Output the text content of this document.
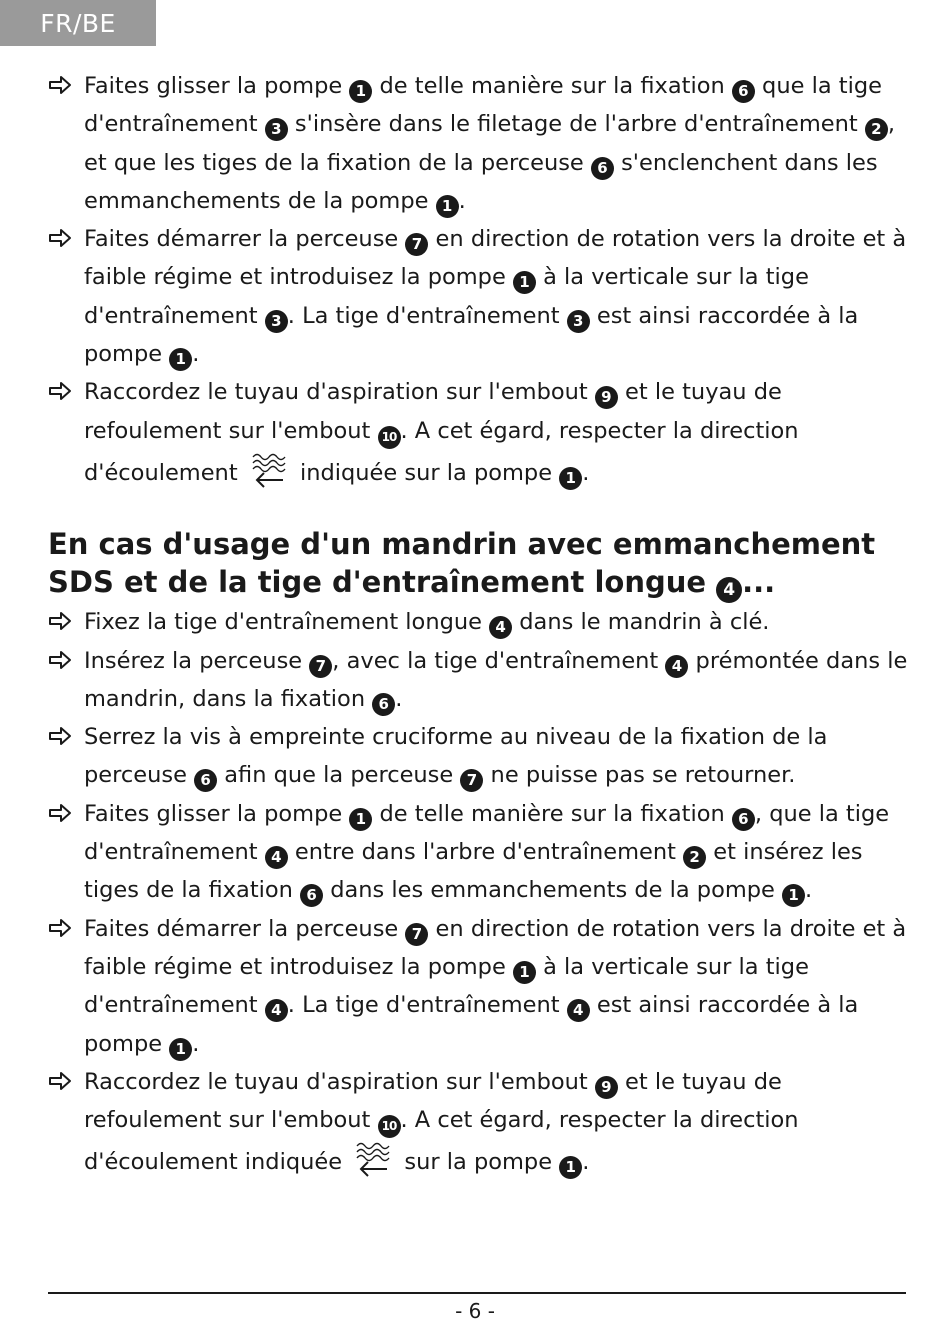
FR/BE
Faites glisser la pompe 1 de telle manière sur la fixation 6 que la tige d'entraînement 3 s'insère dans le filetage de l'arbre d'entraînement 2 , et que les tiges de la fixation de la perceuse 6 s'enclenchent dans les emmanchements de la pompe 1 .
Faites démarrer la perceuse 7 en direction de rotation vers la droite et à faible régime et introduisez la pompe 1 à la verticale sur la tige d'entraînement 3 . La tige d'entraînement 3 est ainsi raccordée à la pompe 1 .
Raccordez le tuyau d'aspiration sur l'embout 9 et le tuyau de refoulement sur l'embout 10 . A cet égard, respecter la direction d'écoulement  indiquée sur la pompe 1 .
En cas d'usage d'un mandrin avec emmanchement SDS et de la tige d'entraînement longue 4 ...
Fixez la tige d'entraînement longue 4 dans le mandrin à clé.
Insérez la perceuse 7 , avec la tige d'entraînement 4 prémontée dans le mandrin, dans la fixation 6 .
Serrez la vis à empreinte cruciforme au niveau de la fixation de la perceuse 6 afin que la perceuse 7 ne puisse pas se retourner.
Faites glisser la pompe 1 de telle manière sur la fixation 6 , que la tige d'entraînement 4 entre dans l'arbre d'entraînement 2 et insérez les tiges de la fixation 6 dans les emmanchements de la pompe 1 .
Faites démarrer la perceuse 7 en direction de rotation vers la droite et à faible régime et introduisez la pompe 1 à la verticale sur la tige d'entraînement 4 . La tige d'entraînement 4 est ainsi raccordée à la pompe 1 .
Raccordez le tuyau d'aspiration sur l'embout 9 et le tuyau de refoulement sur l'embout 10 . A cet égard, respecter la direction d'écoulement indiquée  sur la pompe 1 .
- 6 -
